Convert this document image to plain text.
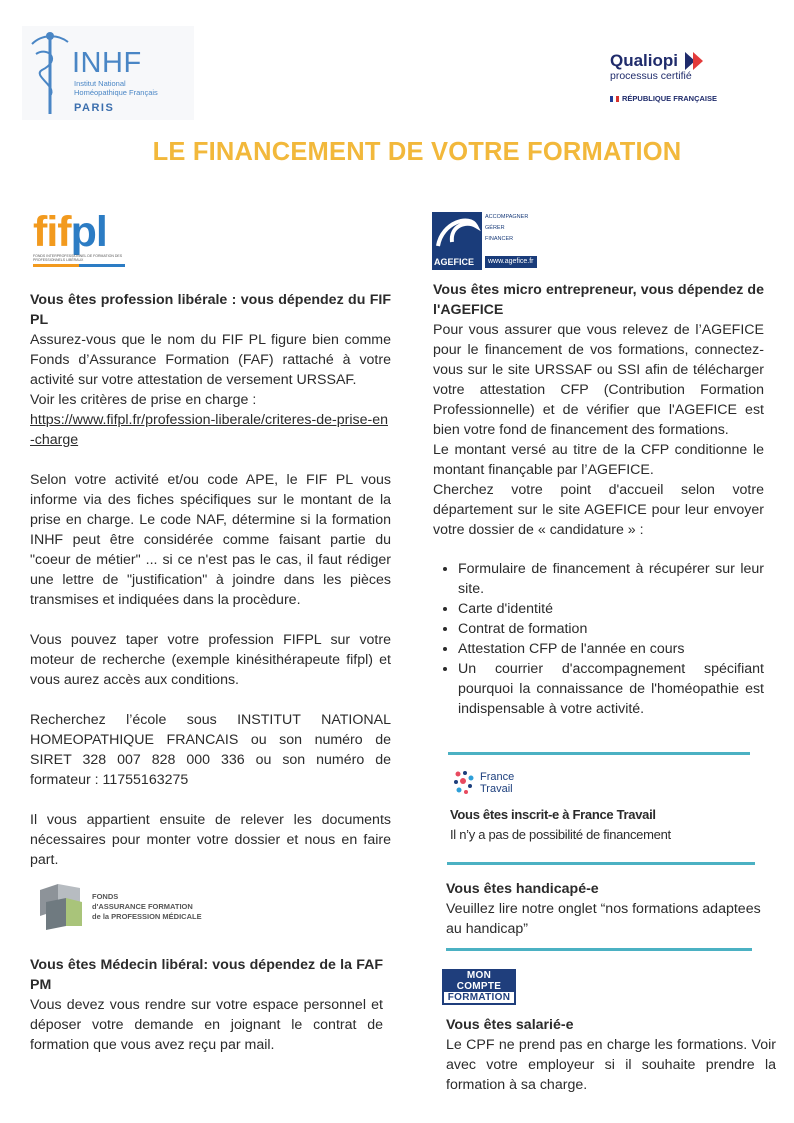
INHF
Institut National
Homéopathique Français
PARIS
Qualiopi
processus certifié
RÉPUBLIQUE FRANÇAISE
LE FINANCEMENT DE VOTRE FORMATION
fifpl
FONDS INTERPROFESSIONNEL DE FORMATION DES PROFESSIONNELS LIBÉRAUX

Vous êtes profession libérale : vous dépendez du FIF PL

Assurez-vous que le nom du FIF PL figure bien comme Fonds d’Assurance Formation (FAF) rattaché à votre activité sur votre attestation de versement URSSAF.

Voir les critères de prise en charge :

https://www.fifpl.fr/profession-liberale/criteres-de-prise-en-charge

Selon votre activité et/ou code APE, le FIF PL vous informe via des fiches spécifiques sur le montant de la prise en charge. Le code NAF, détermine si la formation INHF peut être considérée comme faisant partie du "coeur de métier" ... si ce n'est pas le cas, il faut rédiger une lettre de "justification" à joindre dans les pièces transmises et indiquées dans la procèdure.

Vous pouvez taper votre profession FIFPL sur votre moteur de recherche (exemple kinésithérapeute fifpl) et vous aurez accès aux conditions.

Recherchez l’école sous INSTITUT NATIONAL HOMEOPATHIQUE FRANCAIS ou son numéro de SIRET 328 007 828 000 336 ou son numéro de formateur : 11755163275

Il vous appartient ensuite de relever les documents nécessaires pour monter votre dossier et nous en faire part.

FONDS
d'ASSURANCE FORMATION
de la PROFESSION MÉDICALE

Vous êtes Médecin libéral: vous dépendez de la FAF PM

Vous devez vous rendre sur votre espace personnel et déposer votre demande en joignant le contrat de formation que vous avez reçu par mail.

AGEFICE
ACCOMPAGNER
GÉRER
FINANCER
www.agefice.fr

Vous êtes micro entrepreneur, vous dépendez de l'AGEFICE

Pour vous assurer que vous relevez de l’AGEFICE pour le financement de vos formations, connectez-vous sur le site URSSAF ou SSI afin de télécharger votre attestation CFP (Contribution Formation Professionnelle) et de vérifier que l'AGEFICE est bien votre fond de financement des formations.

Le montant versé au titre de la CFP conditionne le montant finançable par l’AGEFICE.

Cherchez votre point d'accueil selon votre département sur le site AGEFICE pour leur envoyer votre dossier de « candidature » :

• Formulaire de financement à récupérer sur leur site.
• Carte d'identité
• Contrat de formation
• Attestation CFP de l'année en cours
• Un courrier d'accompagnement spécifiant pourquoi la connaissance de l'homéopathie est indispensable à votre activité.
France
Travail

Vous êtes inscrit-e à France Travail

Il n’y a pas de possibilité de financement

Vous êtes handicapé-e

Veuillez lire notre onglet “nos formations adaptees au handicap”

MON
COMPTE
FORMATION

Vous êtes salarié-e

Le CPF ne prend pas en charge les formations. Voir avec votre employeur si il souhaite prendre la formation à sa charge.
